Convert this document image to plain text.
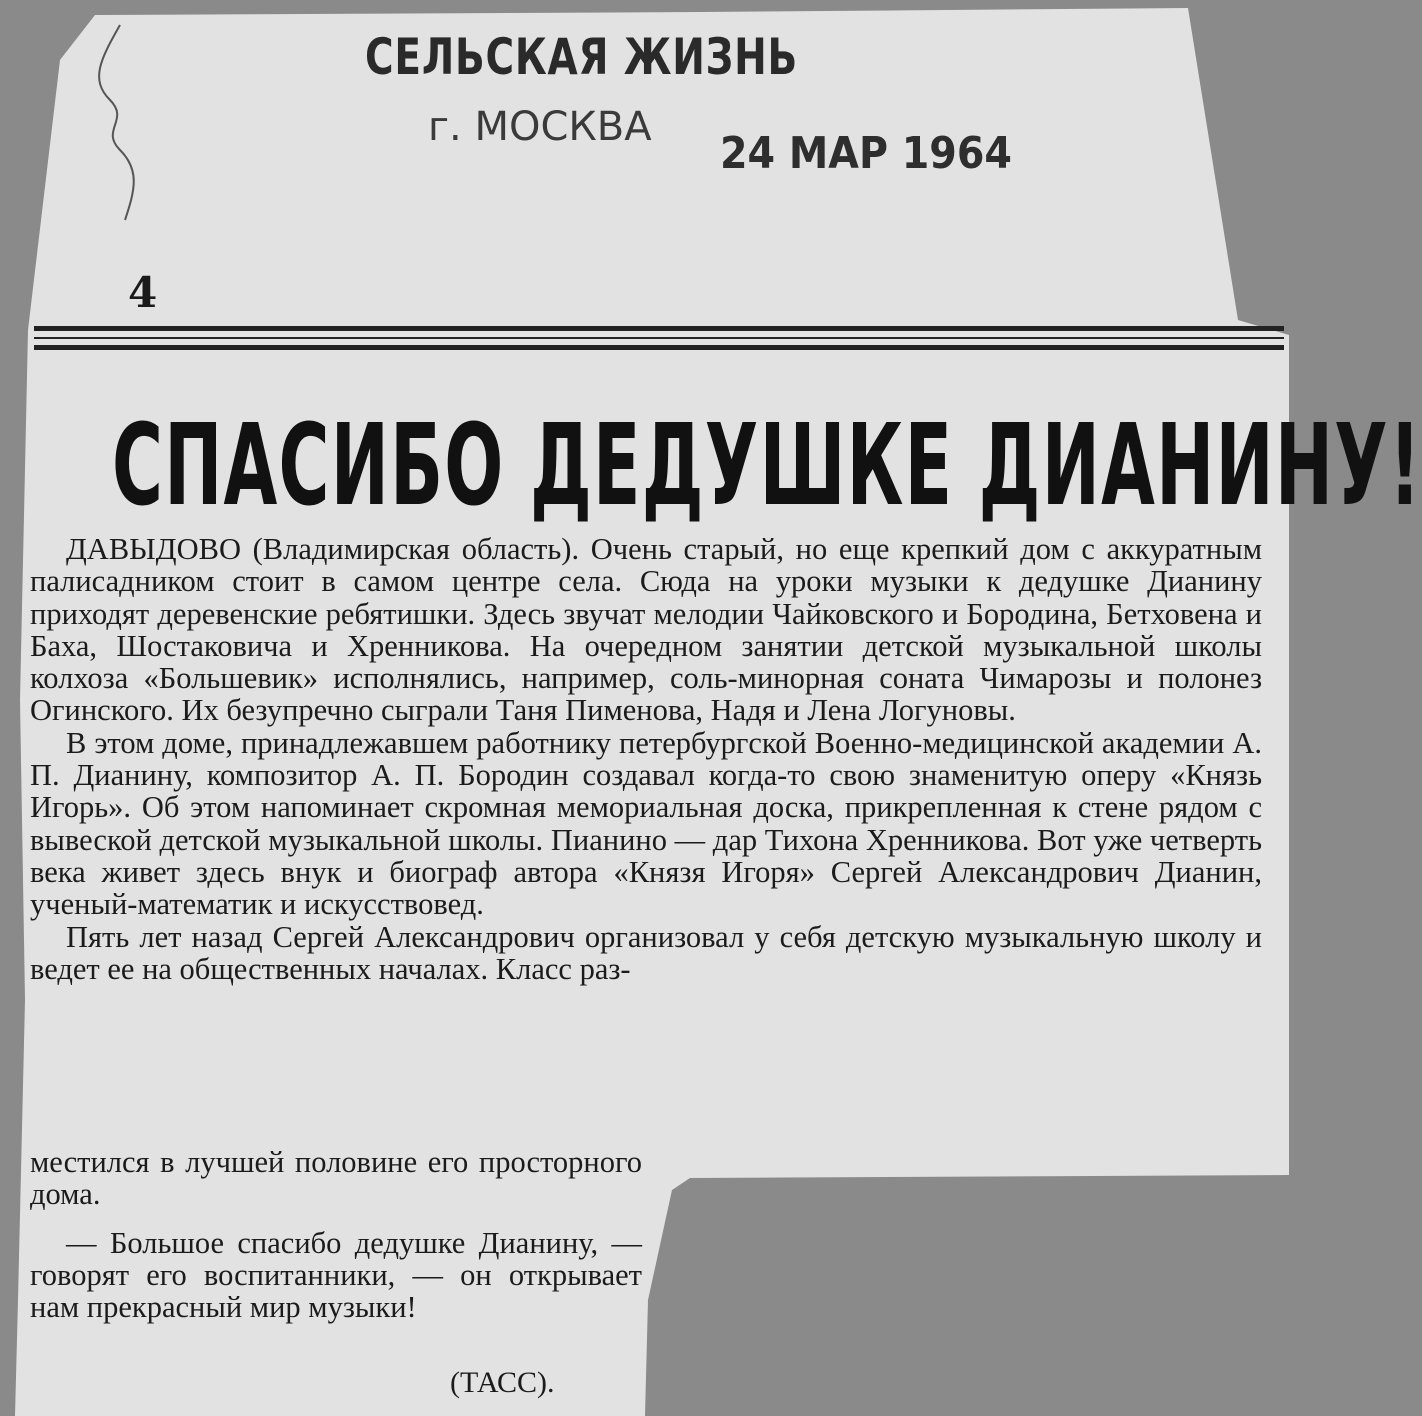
СЕЛЬСКАЯ ЖИЗНЬ
г. МОСКВА
24 МАР 1964
4
СПАСИБО ДЕДУШКЕ ДИАНИНУ!

ДАВЫДОВО (Владимирская область). Очень старый, но еще крепкий дом с аккуратным палисадником стоит в самом центре села. Сюда на уроки музыки к дедушке Дианину приходят деревенские ребятишки. Здесь звучат мелодии Чайковского и Бородина, Бетховена и Баха, Шостаковича и Хренникова. На очередном занятии детской музыкальной школы колхоза «Большевик» исполнялись, например, соль-минорная соната Чимарозы и полонез Огинского. Их безупречно сыграли Таня Пименова, Надя и Лена Логуновы.

В этом доме, принадлежавшем работнику петербургской Военно-медицинской академии А. П. Дианину, композитор А. П. Бородин создавал когда-то свою знаменитую оперу «Князь Игорь». Об этом напоминает скромная мемориальная доска, прикрепленная к стене рядом с вывеской детской музыкальной школы. Пианино — дар Тихона Хренникова. Вот уже четверть века живет здесь внук и биограф автора «Князя Игоря» Сергей Александрович Дианин, ученый-математик и искусствовед.

Пять лет назад Сергей Александрович организовал у себя детскую музыкальную школу и ведет ее на общественных началах. Класс раз-

местился в лучшей половине его просторного дома.

— Большое спасибо дедушке Дианину, — говорят его воспитанники, — он открывает нам прекрасный мир музыки!

(ТАСС).
